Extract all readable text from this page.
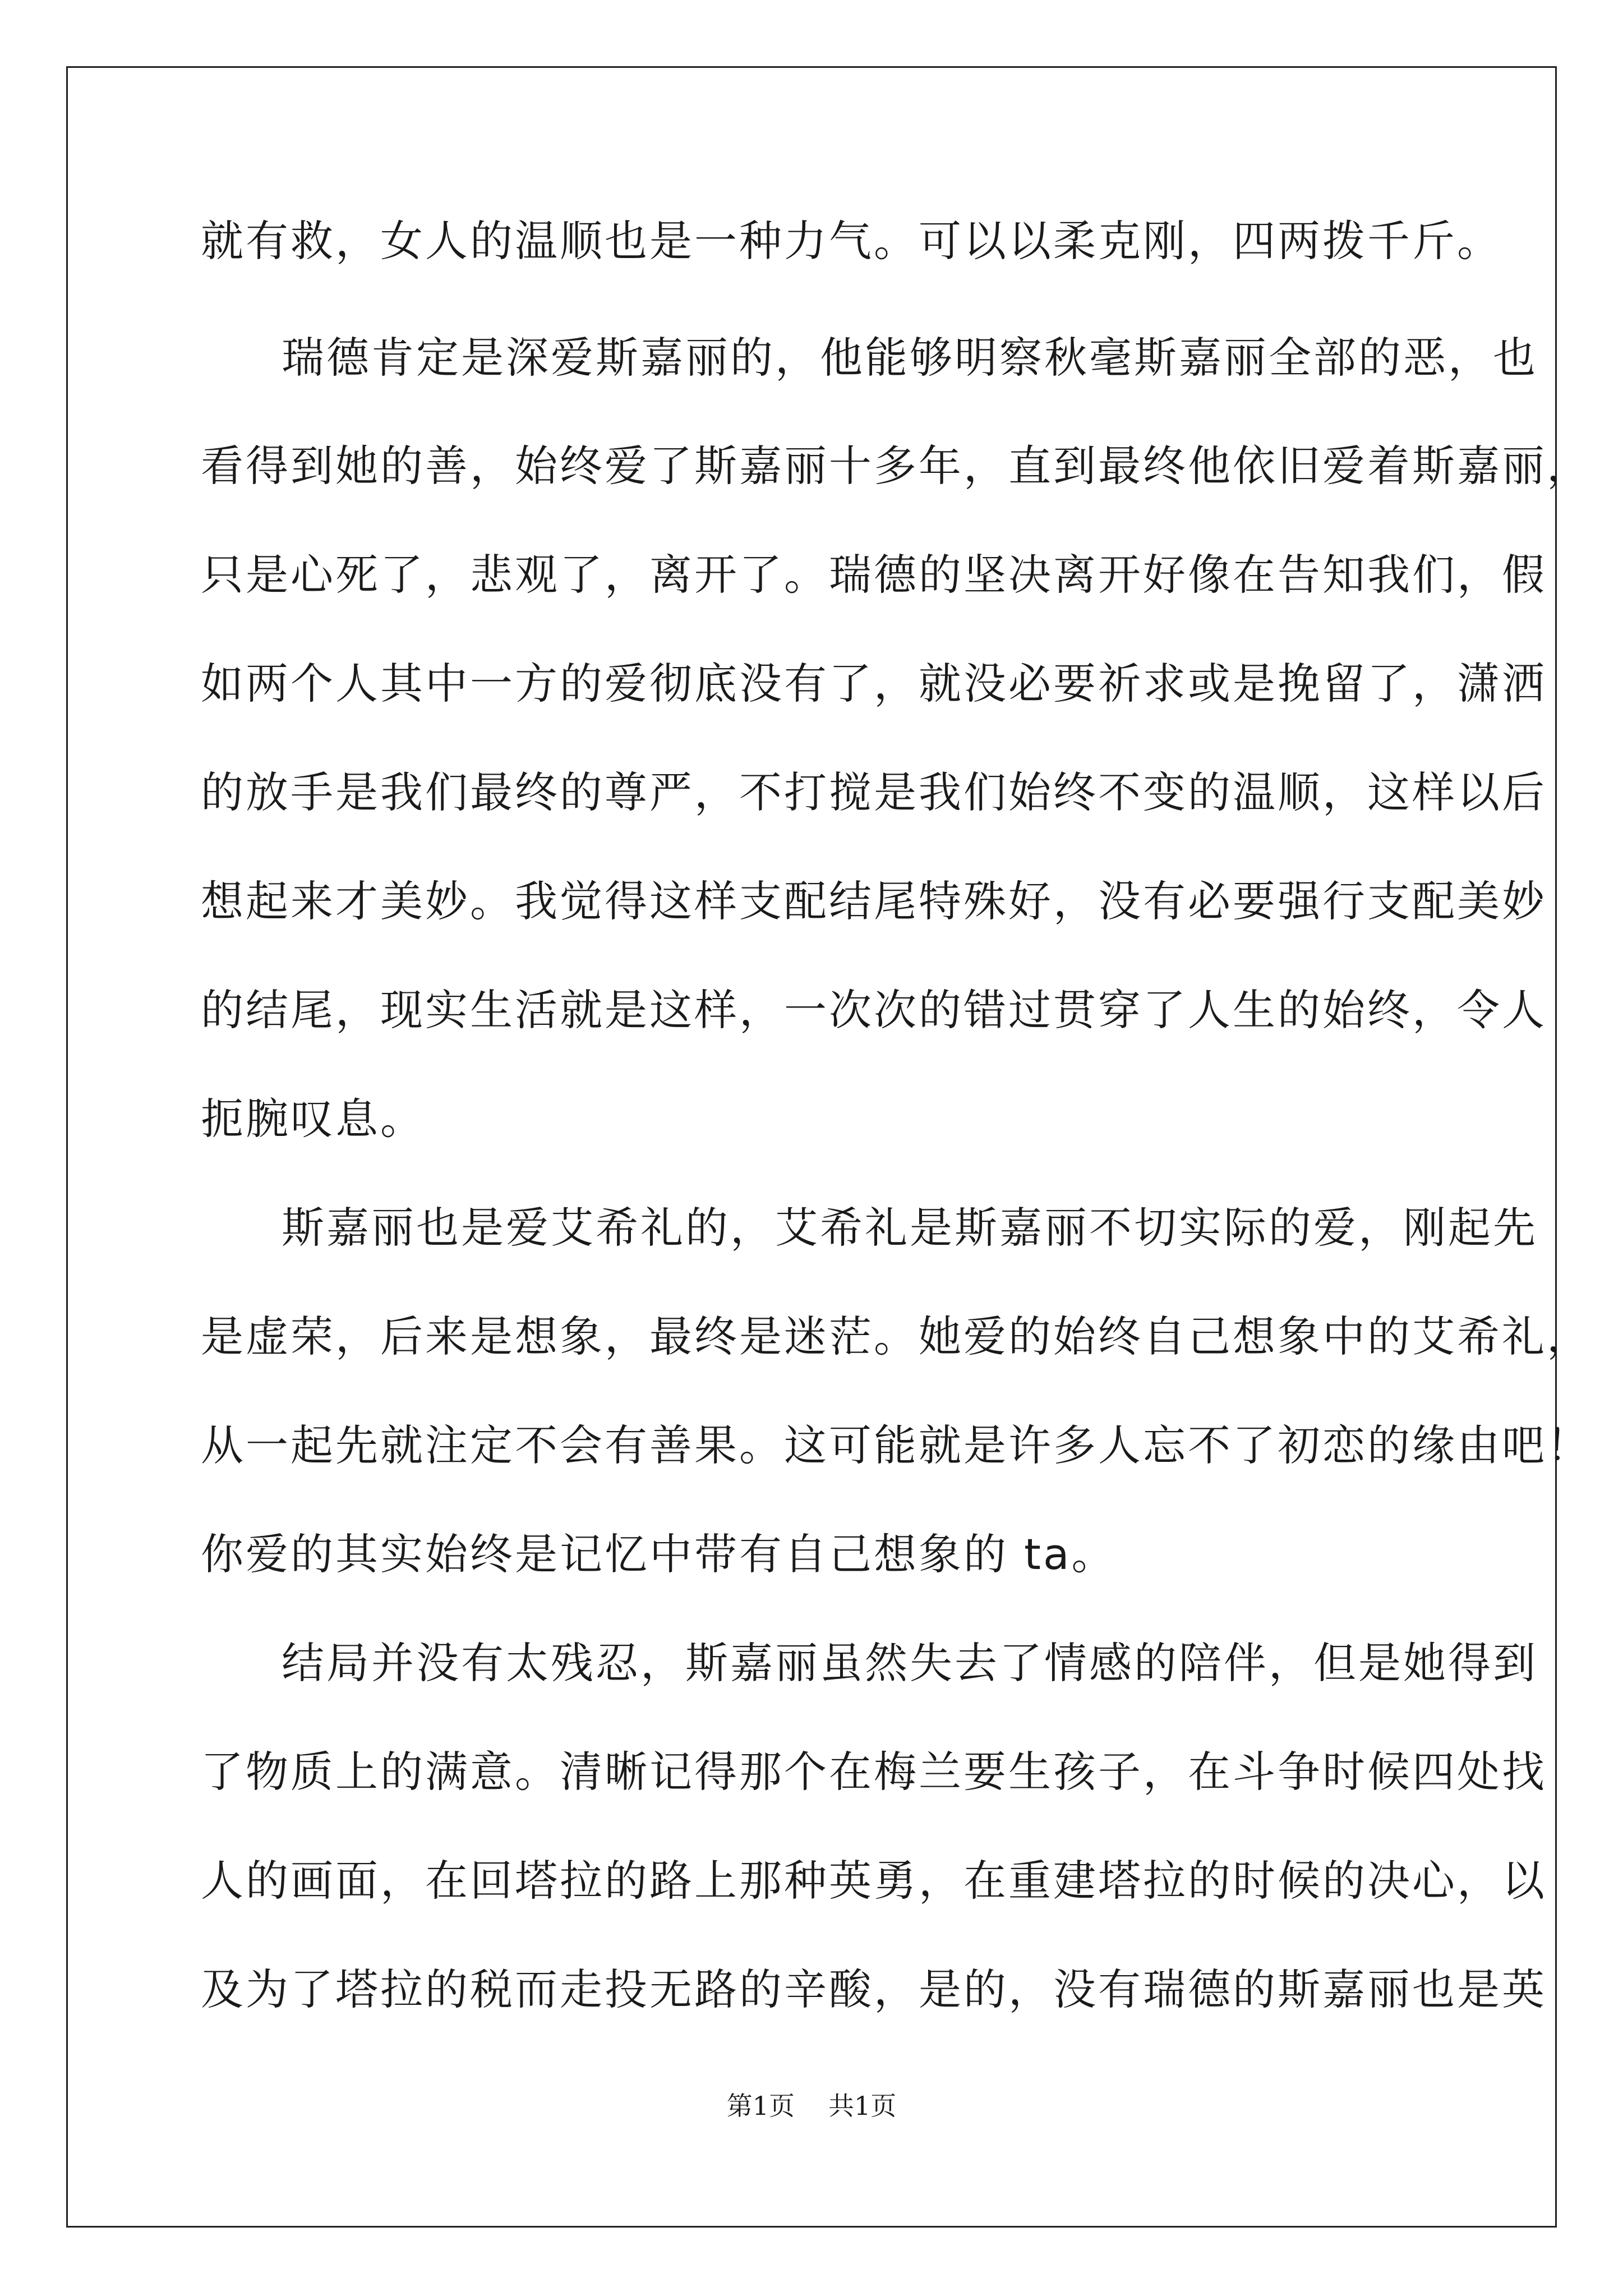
就有救，女人的温顺也是一种力气。可以以柔克刚，四两拨千斤。
瑞德肯定是深爱斯嘉丽的，他能够明察秋毫斯嘉丽全部的恶，也
看得到她的善，始终爱了斯嘉丽十多年，直到最终他依旧爱着斯嘉丽，
只是心死了，悲观了，离开了。瑞德的坚决离开好像在告知我们，假
如两个人其中一方的爱彻底没有了，就没必要祈求或是挽留了，潇洒
的放手是我们最终的尊严，不打搅是我们始终不变的温顺，这样以后
想起来才美妙。我觉得这样支配结尾特殊好，没有必要强行支配美妙
的结尾，现实生活就是这样，一次次的错过贯穿了人生的始终，令人
扼腕叹息。
斯嘉丽也是爱艾希礼的，艾希礼是斯嘉丽不切实际的爱，刚起先
是虚荣，后来是想象，最终是迷茫。她爱的始终自己想象中的艾希礼，
从一起先就注定不会有善果。这可能就是许多人忘不了初恋的缘由吧！
你爱的其实始终是记忆中带有自己想象的 ta。
结局并没有太残忍，斯嘉丽虽然失去了情感的陪伴，但是她得到
了物质上的满意。清晰记得那个在梅兰要生孩子，在斗争时候四处找
人的画面，在回塔拉的路上那种英勇，在重建塔拉的时候的决心，以
及为了塔拉的税而走投无路的辛酸，是的，没有瑞德的斯嘉丽也是英
第1页 共1页
